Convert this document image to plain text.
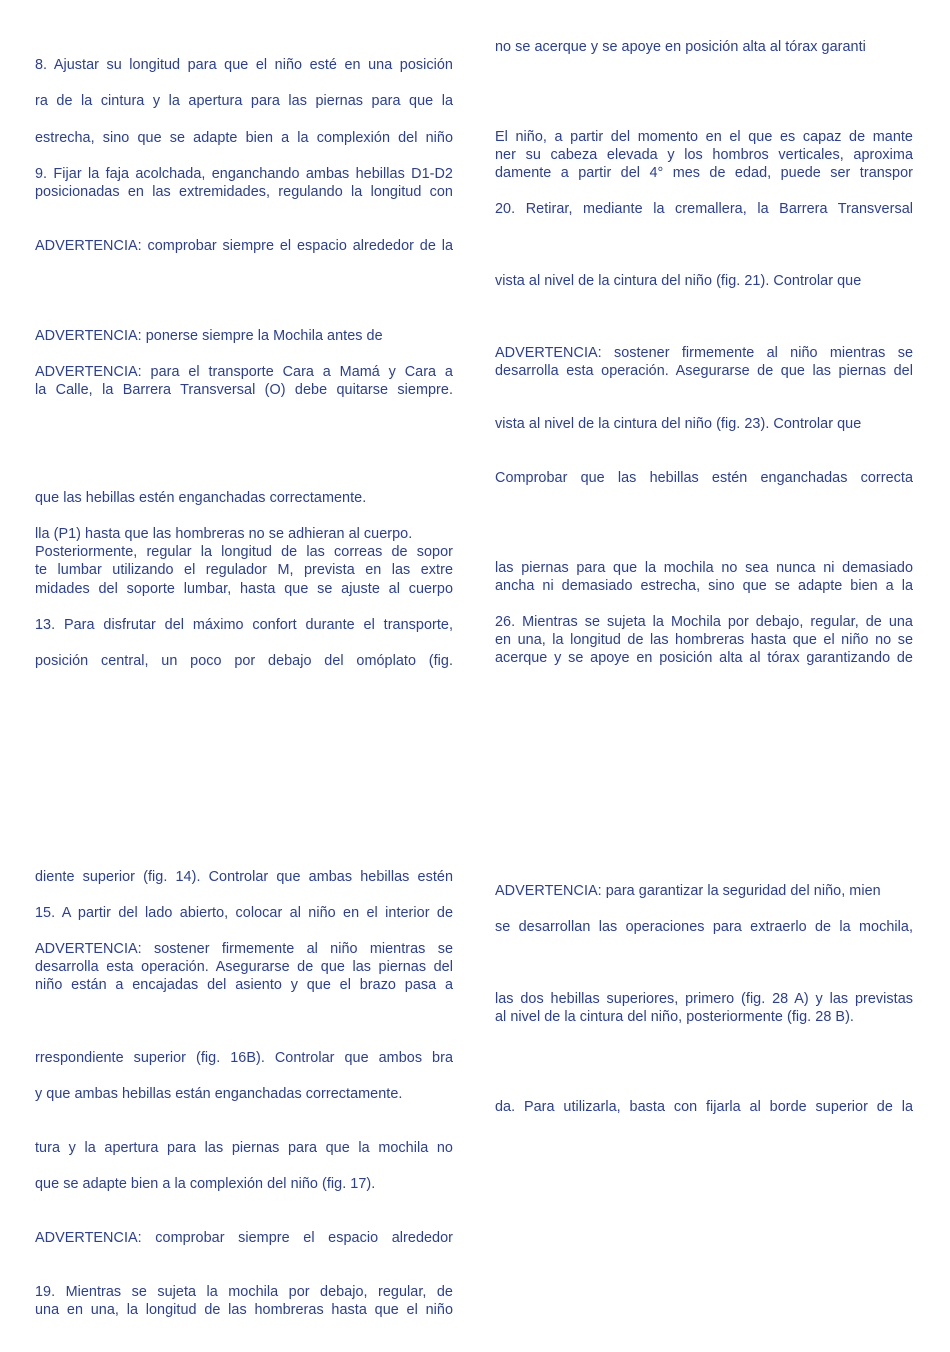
8. Ajustar su longitud para que el niño esté en una posición
ra de la cintura y la apertura para las piernas para que la
estrecha, sino que se adapte bien a la complexión del niño
9. Fijar la faja acolchada, enganchando ambas hebillas D1-D2
posicionadas en las extremidades, regulando la longitud con
ADVERTENCIA: comprobar siempre el espacio alrededor de la
ADVERTENCIA: ponerse siempre la Mochila antes de
ADVERTENCIA: para el transporte Cara a Mamá y Cara a
la Calle, la Barrera Transversal (O) debe quitarse siempre.
que las hebillas estén enganchadas correctamente.
lla (P1) hasta que las hombreras no se adhieran al cuerpo.
Posteriormente, regular la longitud de las correas de sopor
te lumbar utilizando el regulador M, prevista en las extre
midades del soporte lumbar, hasta que se ajuste al cuerpo
13. Para disfrutar del máximo confort durante el transporte,
posición central, un poco por debajo del omóplato (fig.
diente superior (fig. 14). Controlar que ambas hebillas estén
15. A partir del lado abierto, colocar al niño en el interior de
ADVERTENCIA: sostener firmemente al niño mientras se
desarrolla esta operación. Asegurarse de que las piernas del
niño están a encajadas del asiento y que el brazo pasa a
rrespondiente superior (fig. 16B). Controlar que ambos bra
y que ambas hebillas están enganchadas correctamente.
tura y la apertura para las piernas para que la mochila no
que se adapte bien a la complexión del niño (fig. 17).
ADVERTENCIA: comprobar siempre el espacio alrededor
19. Mientras se sujeta la mochila por debajo, regular, de
una en una, la longitud de las hombreras hasta que el niño
no se acerque y se apoye en posición alta al tórax garanti
El niño, a partir del momento en el que es capaz de mante
ner su cabeza elevada y los hombros verticales, aproxima
damente a partir del 4° mes de edad, puede ser transpor
20. Retirar, mediante la cremallera, la Barrera Transversal
vista al nivel de la cintura del niño (fig. 21). Controlar que
ADVERTENCIA: sostener firmemente al niño mientras se
desarrolla esta operación. Asegurarse de que las piernas del
vista al nivel de la cintura del niño (fig. 23). Controlar que
Comprobar que las hebillas estén enganchadas correcta
las piernas para que la mochila no sea nunca ni demasiado
ancha ni demasiado estrecha, sino que se adapte bien a la
26. Mientras se sujeta la Mochila por debajo, regular, de una
en una, la longitud de las hombreras hasta que el niño no se
acerque y se apoye en posición alta al tórax garantizando de
ADVERTENCIA: para garantizar la seguridad del niño, mien
se desarrollan las operaciones para extraerlo de la mochila,
las dos hebillas superiores, primero (fig. 28 A) y las previstas
al nivel de la cintura del niño, posteriormente (fig. 28 B).
da. Para utilizarla, basta con fijarla al borde superior de la
